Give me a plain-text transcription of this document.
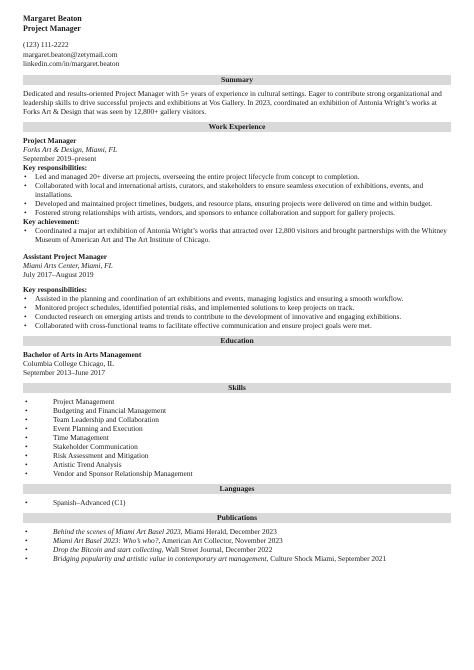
Margaret Beaton
Project Manager
(123) 111-2222
margaret.beaton@zetymail.com
linkedin.com/in/margaret.beaton
Summary
Dedicated and results-oriented Project Manager with 5+ years of experience in cultural settings. Eager to contribute strong organizational and leadership skills to drive successful projects and exhibitions at Vos Gallery. In 2023, coordinated an exhibition of Antonia Wright’s works at Forks Art & Design that was seen by 12,800+ gallery visitors.
Work Experience
Project Manager
Forks Art & Design, Miami, FL
September 2019–present
Key responsibilities:
• Led and managed 20+ diverse art projects, overseeing the entire project lifecycle from concept to completion.
• Collaborated with local and international artists, curators, and stakeholders to ensure seamless execution of exhibitions, events, and installations.
• Developed and maintained project timelines, budgets, and resource plans, ensuring projects were delivered on time and within budget.
• Fostered strong relationships with artists, vendors, and sponsors to enhance collaboration and support for gallery projects.
Key achievement:
• Coordinated a major art exhibition of Antonia Wright’s works that attracted over 12,800 visitors and brought partnerships with the Whitney Museum of American Art and The Art Institute of Chicago.
Assistant Project Manager
Miami Arts Center, Miami, FL
July 2017–August 2019
Key responsibilities:
• Assisted in the planning and coordination of art exhibitions and events, managing logistics and ensuring a smooth workflow.
• Monitored project schedules, identified potential risks, and implemented solutions to keep projects on track.
• Conducted research on emerging artists and trends to contribute to the development of innovative and engaging exhibitions.
• Collaborated with cross-functional teams to facilitate effective communication and ensure project goals were met.
Education
Bachelor of Arts in Arts Management
Columbia College Chicago, IL
September 2013–June 2017
Skills
• Project Management
• Budgeting and Financial Management
• Team Leadership and Collaboration
• Event Planning and Execution
• Time Management
• Stakeholder Communication
• Risk Assessment and Mitigation
• Artistic Trend Analysis
• Vendor and Sponsor Relationship Management
Languages
• Spanish–Advanced (C1)
Publications
• Behind the scenes of Miami Art Basel 2023, Miami Herald, December 2023
• Miami Art Basel 2023: Who’s who?, American Art Collector, November 2023
• Drop the Bitcoin and start collecting, Wall Street Journal, December 2022
• Bridging popularity and artistic value in contemporary art management, Culture Shock Miami, September 2021
